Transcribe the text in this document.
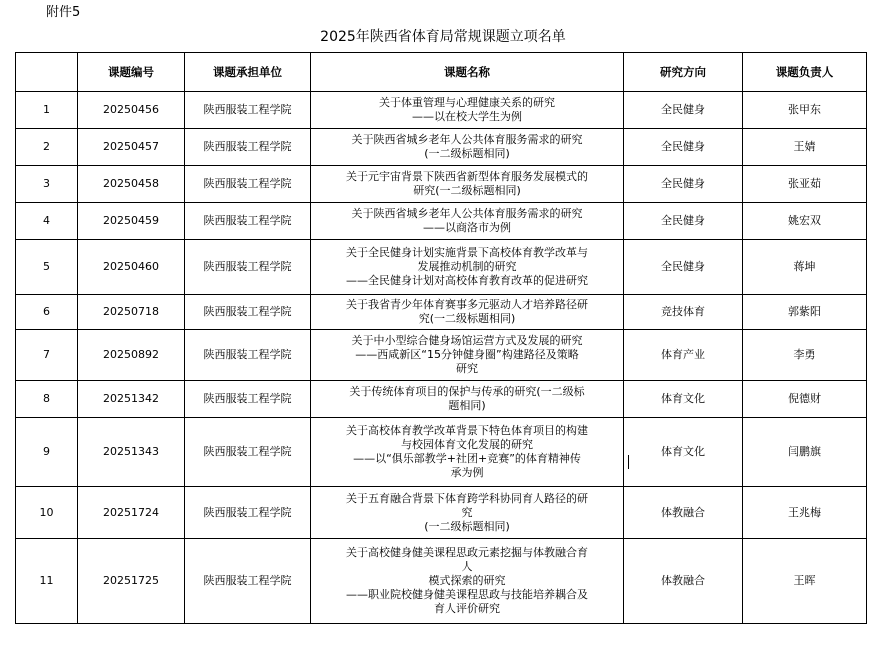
附件5
2025年陕西省体育局常规课题立项名单
	课题编号	课题承担单位	课题名称	研究方向	课题负责人
1	20250456	陕西服装工程学院	关于体重管理与心理健康关系的研究
——以在校大学生为例	全民健身	张甲东
2	20250457	陕西服装工程学院	关于陕西省城乡老年人公共体育服务需求的研究
(一二级标题相同)	全民健身	王婧
3	20250458	陕西服装工程学院	关于元宇宙背景下陕西省新型体育服务发展模式的
研究(一二级标题相同)	全民健身	张亚茹
4	20250459	陕西服装工程学院	关于陕西省城乡老年人公共体育服务需求的研究
——以商洛市为例	全民健身	姚宏双
5	20250460	陕西服装工程学院	关于全民健身计划实施背景下高校体育教学改革与
发展推动机制的研究
——全民健身计划对高校体育教育改革的促进研究	全民健身	蒋坤
6	20250718	陕西服装工程学院	关于我省青少年体育赛事多元驱动人才培养路径研
究(一二级标题相同)	竞技体育	郭紫阳
7	20250892	陕西服装工程学院	关于中小型综合健身场馆运营方式及发展的研究
——西咸新区“15分钟健身圈”构建路径及策略
研究	体育产业	李勇
8	20251342	陕西服装工程学院	关于传统体育项目的保护与传承的研究(一二级标
题相同)	体育文化	倪德财
9	20251343	陕西服装工程学院	关于高校体育教学改革背景下特色体育项目的构建
与校园体育文化发展的研究
——以“俱乐部教学+社团+竞赛”的体育精神传
承为例	体育文化	闫鹏旗
10	20251724	陕西服装工程学院	关于五育融合背景下体育跨学科协同育人路径的研
究
(一二级标题相同)	体教融合	王兆梅
11	20251725	陕西服装工程学院	关于高校健身健美课程思政元素挖掘与体教融合育
人
模式探索的研究
——职业院校健身健美课程思政与技能培养耦合及
育人评价研究	体教融合	王晖
